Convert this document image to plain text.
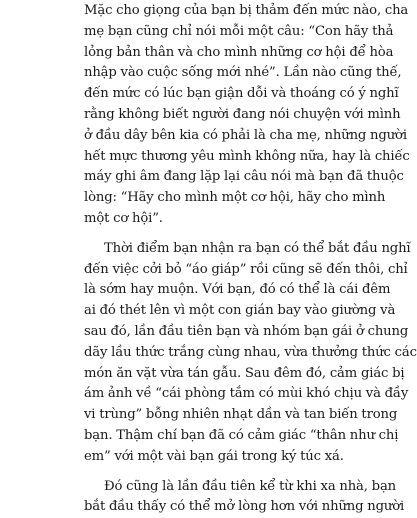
Mặc cho giọng của bạn bị thảm đến mức nào, cha
mẹ bạn cũng chỉ nói mỗi một câu: “Con hãy thả
lỏng bản thân và cho mình những cơ hội để hòa
nhập vào cuộc sống mới nhé”. Lần nào cũng thế,
đến mức có lúc bạn giận dỗi và thoáng có ý nghĩ
rằng không biết người đang nói chuyện với mình
ở đầu dây bên kia có phải là cha mẹ, những người
hết mực thương yêu mình không nữa, hay là chiếc
máy ghi âm đang lặp lại câu nói mà bạn đã thuộc
lòng: “Hãy cho mình một cơ hội, hãy cho mình
một cơ hội”.
Thời điểm bạn nhận ra bạn có thể bắt đầu nghĩ
đến việc cởi bỏ “áo giáp” rồi cũng sẽ đến thôi, chỉ
là sớm hay muộn. Với bạn, đó có thể là cái đêm
ai đó thét lên vì một con gián bay vào giường và
sau đó, lần đầu tiên bạn và nhóm bạn gái ở chung
dãy lầu thức trắng cùng nhau, vừa thưởng thức các
món ăn vặt vừa tán gẫu. Sau đêm đó, cảm giác bị
ám ảnh về “cái phòng tắm có mùi khó chịu và đầy
vi trùng” bỗng nhiên nhạt dần và tan biến trong
bạn. Thậm chí bạn đã có cảm giác “thân như chị
em” với một vài bạn gái trong ký túc xá.
Đó cũng là lần đầu tiên kể từ khi xa nhà, bạn
bắt đầu thấy có thể mở lòng hơn với những người
